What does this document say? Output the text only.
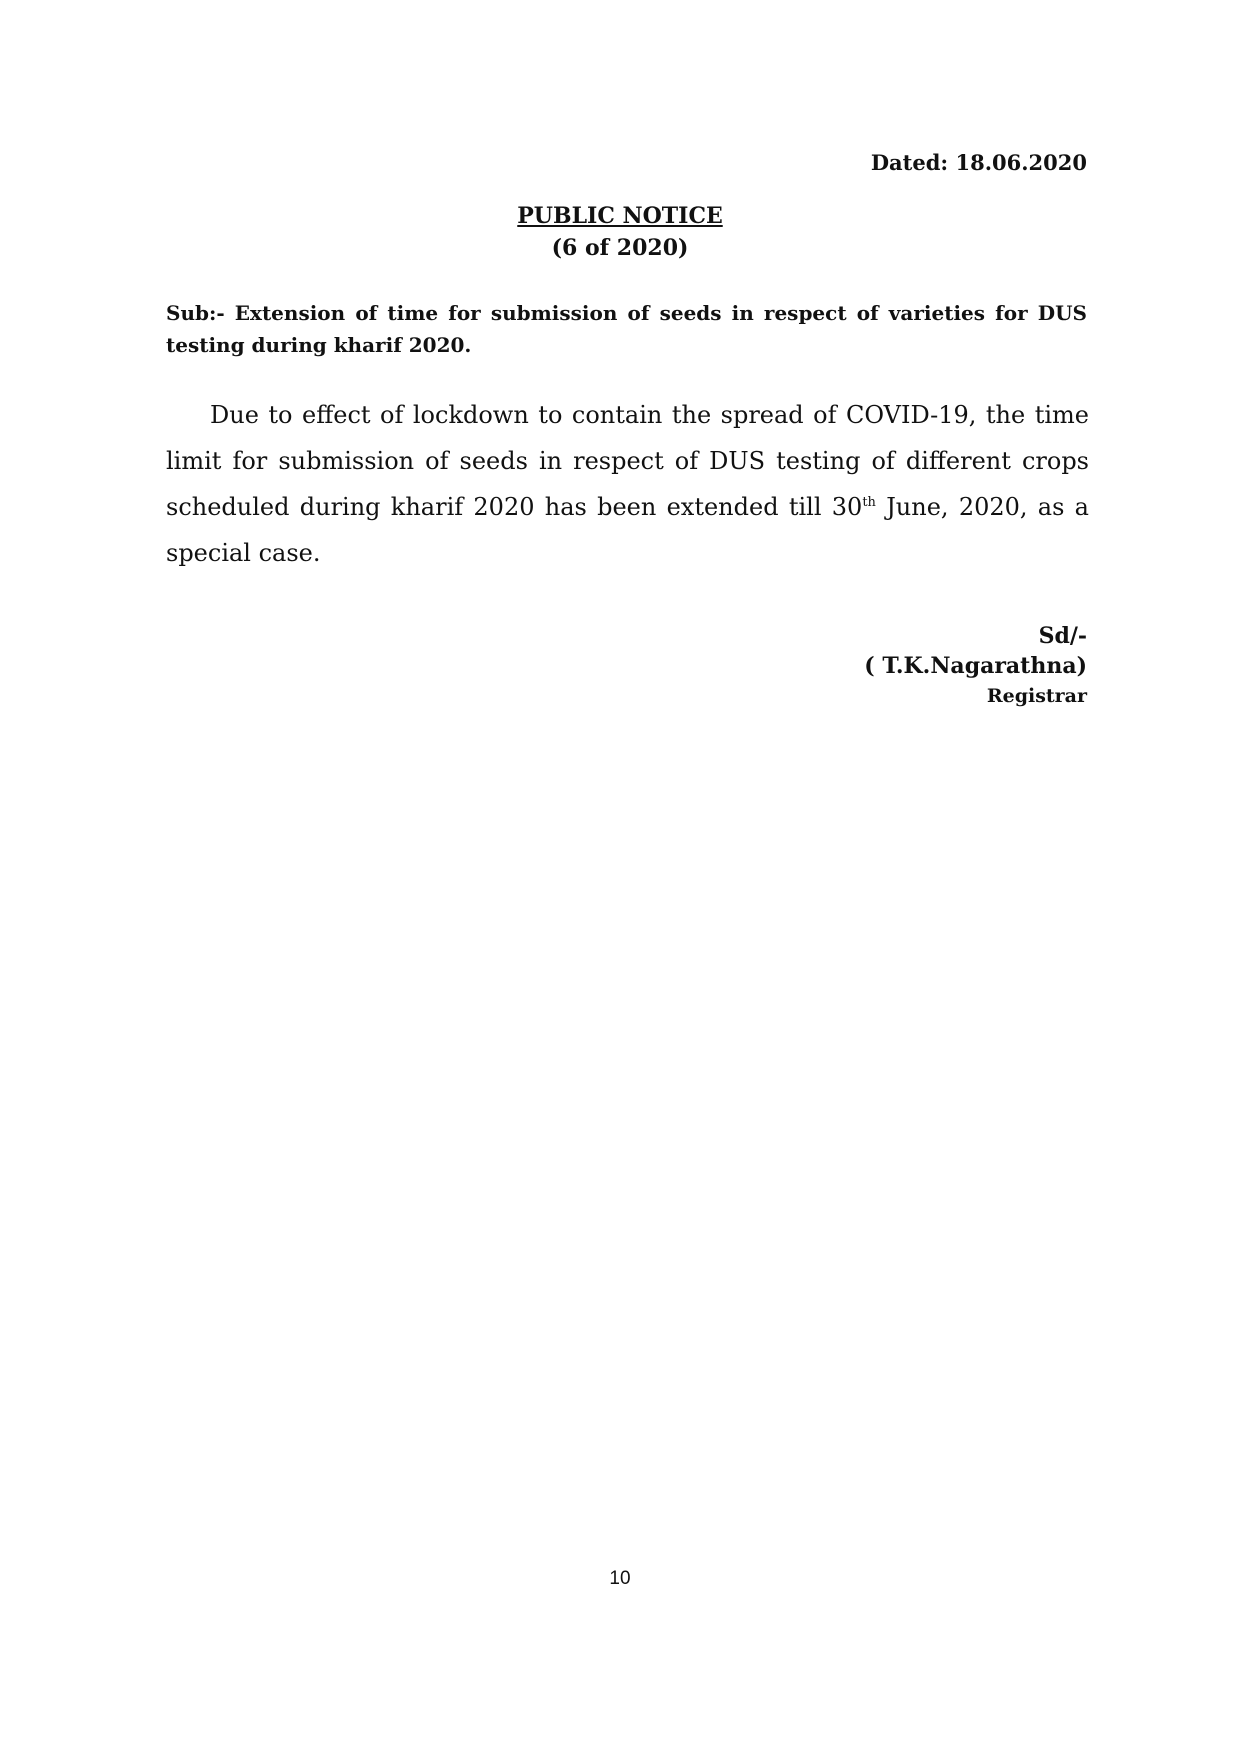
Dated: 18.06.2020
PUBLIC NOTICE
(6 of 2020)
Sub:- Extension of time for submission of seeds in respect of varieties for DUS testing during kharif 2020.
Due to effect of lockdown to contain the spread of COVID-19, the time limit for submission of seeds in respect of DUS testing of different crops scheduled during kharif 2020 has been extended till 30th June, 2020, as a special case.
Sd/-
( T.K.Nagarathna)
Registrar
10
